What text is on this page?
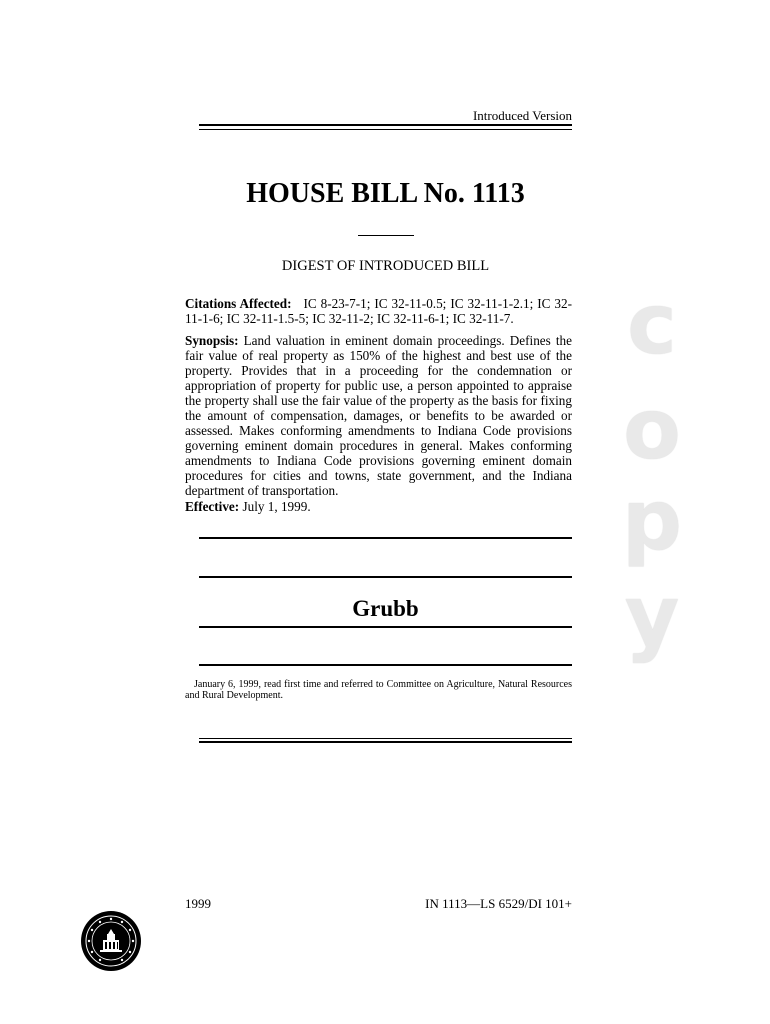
Introduced Version
HOUSE BILL No. 1113
DIGEST OF INTRODUCED BILL
Citations Affected: IC 8-23-7-1; IC 32-11-0.5; IC 32-11-1-2.1; IC 32-11-1-6; IC 32-11-1.5-5; IC 32-11-2; IC 32-11-6-1; IC 32-11-7.
Synopsis: Land valuation in eminent domain proceedings. Defines the fair value of real property as 150% of the highest and best use of the property. Provides that in a proceeding for the condemnation or appropriation of property for public use, a person appointed to appraise the property shall use the fair value of the property as the basis for fixing the amount of compensation, damages, or benefits to be awarded or assessed. Makes conforming amendments to Indiana Code provisions governing eminent domain procedures in general. Makes conforming amendments to Indiana Code provisions governing eminent domain procedures for cities and towns, state government, and the Indiana department of transportation.
Effective: July 1, 1999.
Grubb
January 6, 1999, read first time and referred to Committee on Agriculture, Natural Resources and Rural Development.
1999	IN 1113—LS 6529/DI 101+
c
o
p
y
